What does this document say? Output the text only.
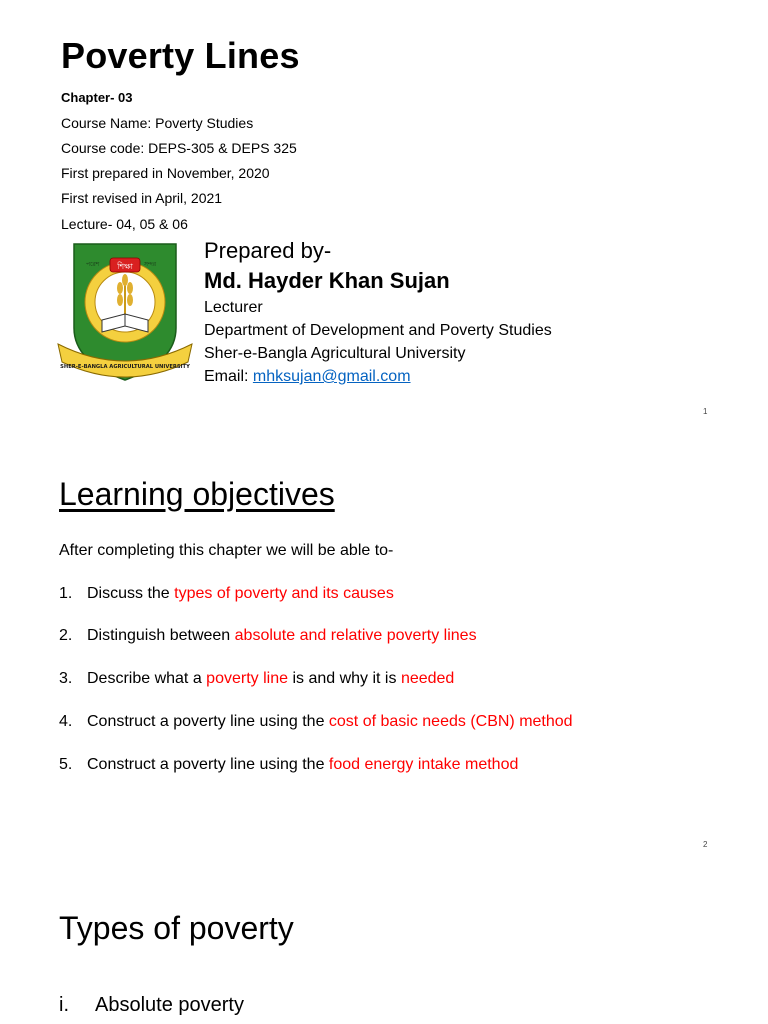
Poverty Lines
Chapter- 03
Course Name: Poverty Studies
Course code: DEPS-305 & DEPS 325
First prepared in November, 2020
First revised in April, 2021
Lecture- 04, 05 & 06
শিক্ষা
পরেশ	সন্দর
SHER-E-BANGLA AGRICULTURAL UNIVERSITY
Prepared by-
Md. Hayder Khan Sujan
Lecturer
Department of Development and Poverty Studies
Sher-e-Bangla Agricultural University
Email: mhksujan@gmail.com
1
Learning objectives
After completing this chapter we will be able to-
1. Discuss the types of poverty and its causes
2. Distinguish between absolute and relative poverty lines
3. Describe what a poverty line is and why it is needed
4. Construct a poverty line using the cost of basic needs (CBN) method
5. Construct a poverty line using the food energy intake method
2
Types of poverty
i.	Absolute poverty
